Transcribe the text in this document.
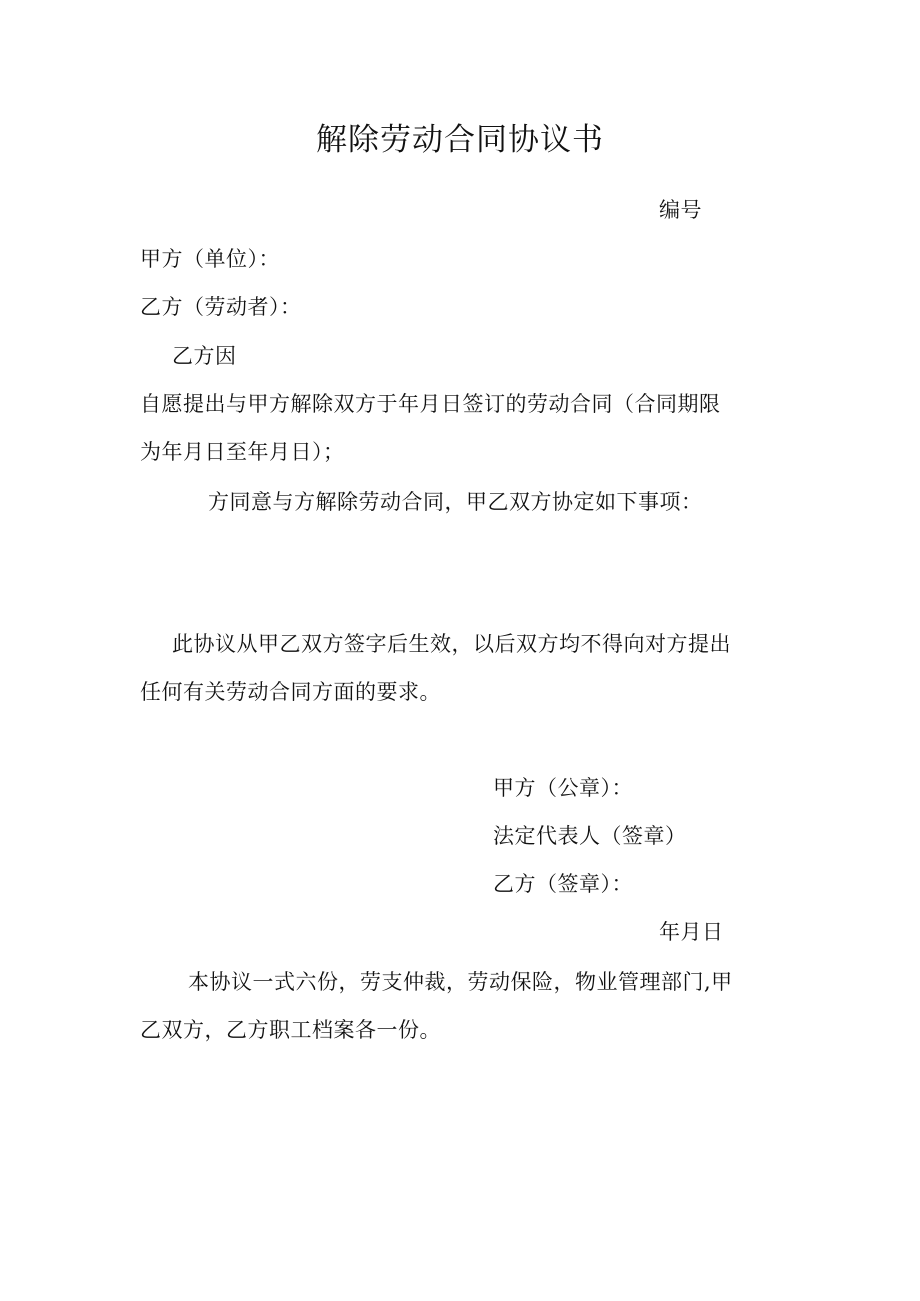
解除劳动合同协议书
编号
甲方（单位）：
乙方（劳动者）：
乙方因
自愿提出与甲方解除双方于年月日签订的劳动合同（合同期限
为年月日至年月日）；
方同意与方解除劳动合同，甲乙双方协定如下事项：
此协议从甲乙双方签字后生效，以后双方均不得向对方提出
任何有关劳动合同方面的要求。
甲方（公章）：
法定代表人（签章）
乙方（签章）：
年月日
本协议一式六份，劳支仲裁，劳动保险，物业管理部门,甲
乙双方，乙方职工档案各一份。
